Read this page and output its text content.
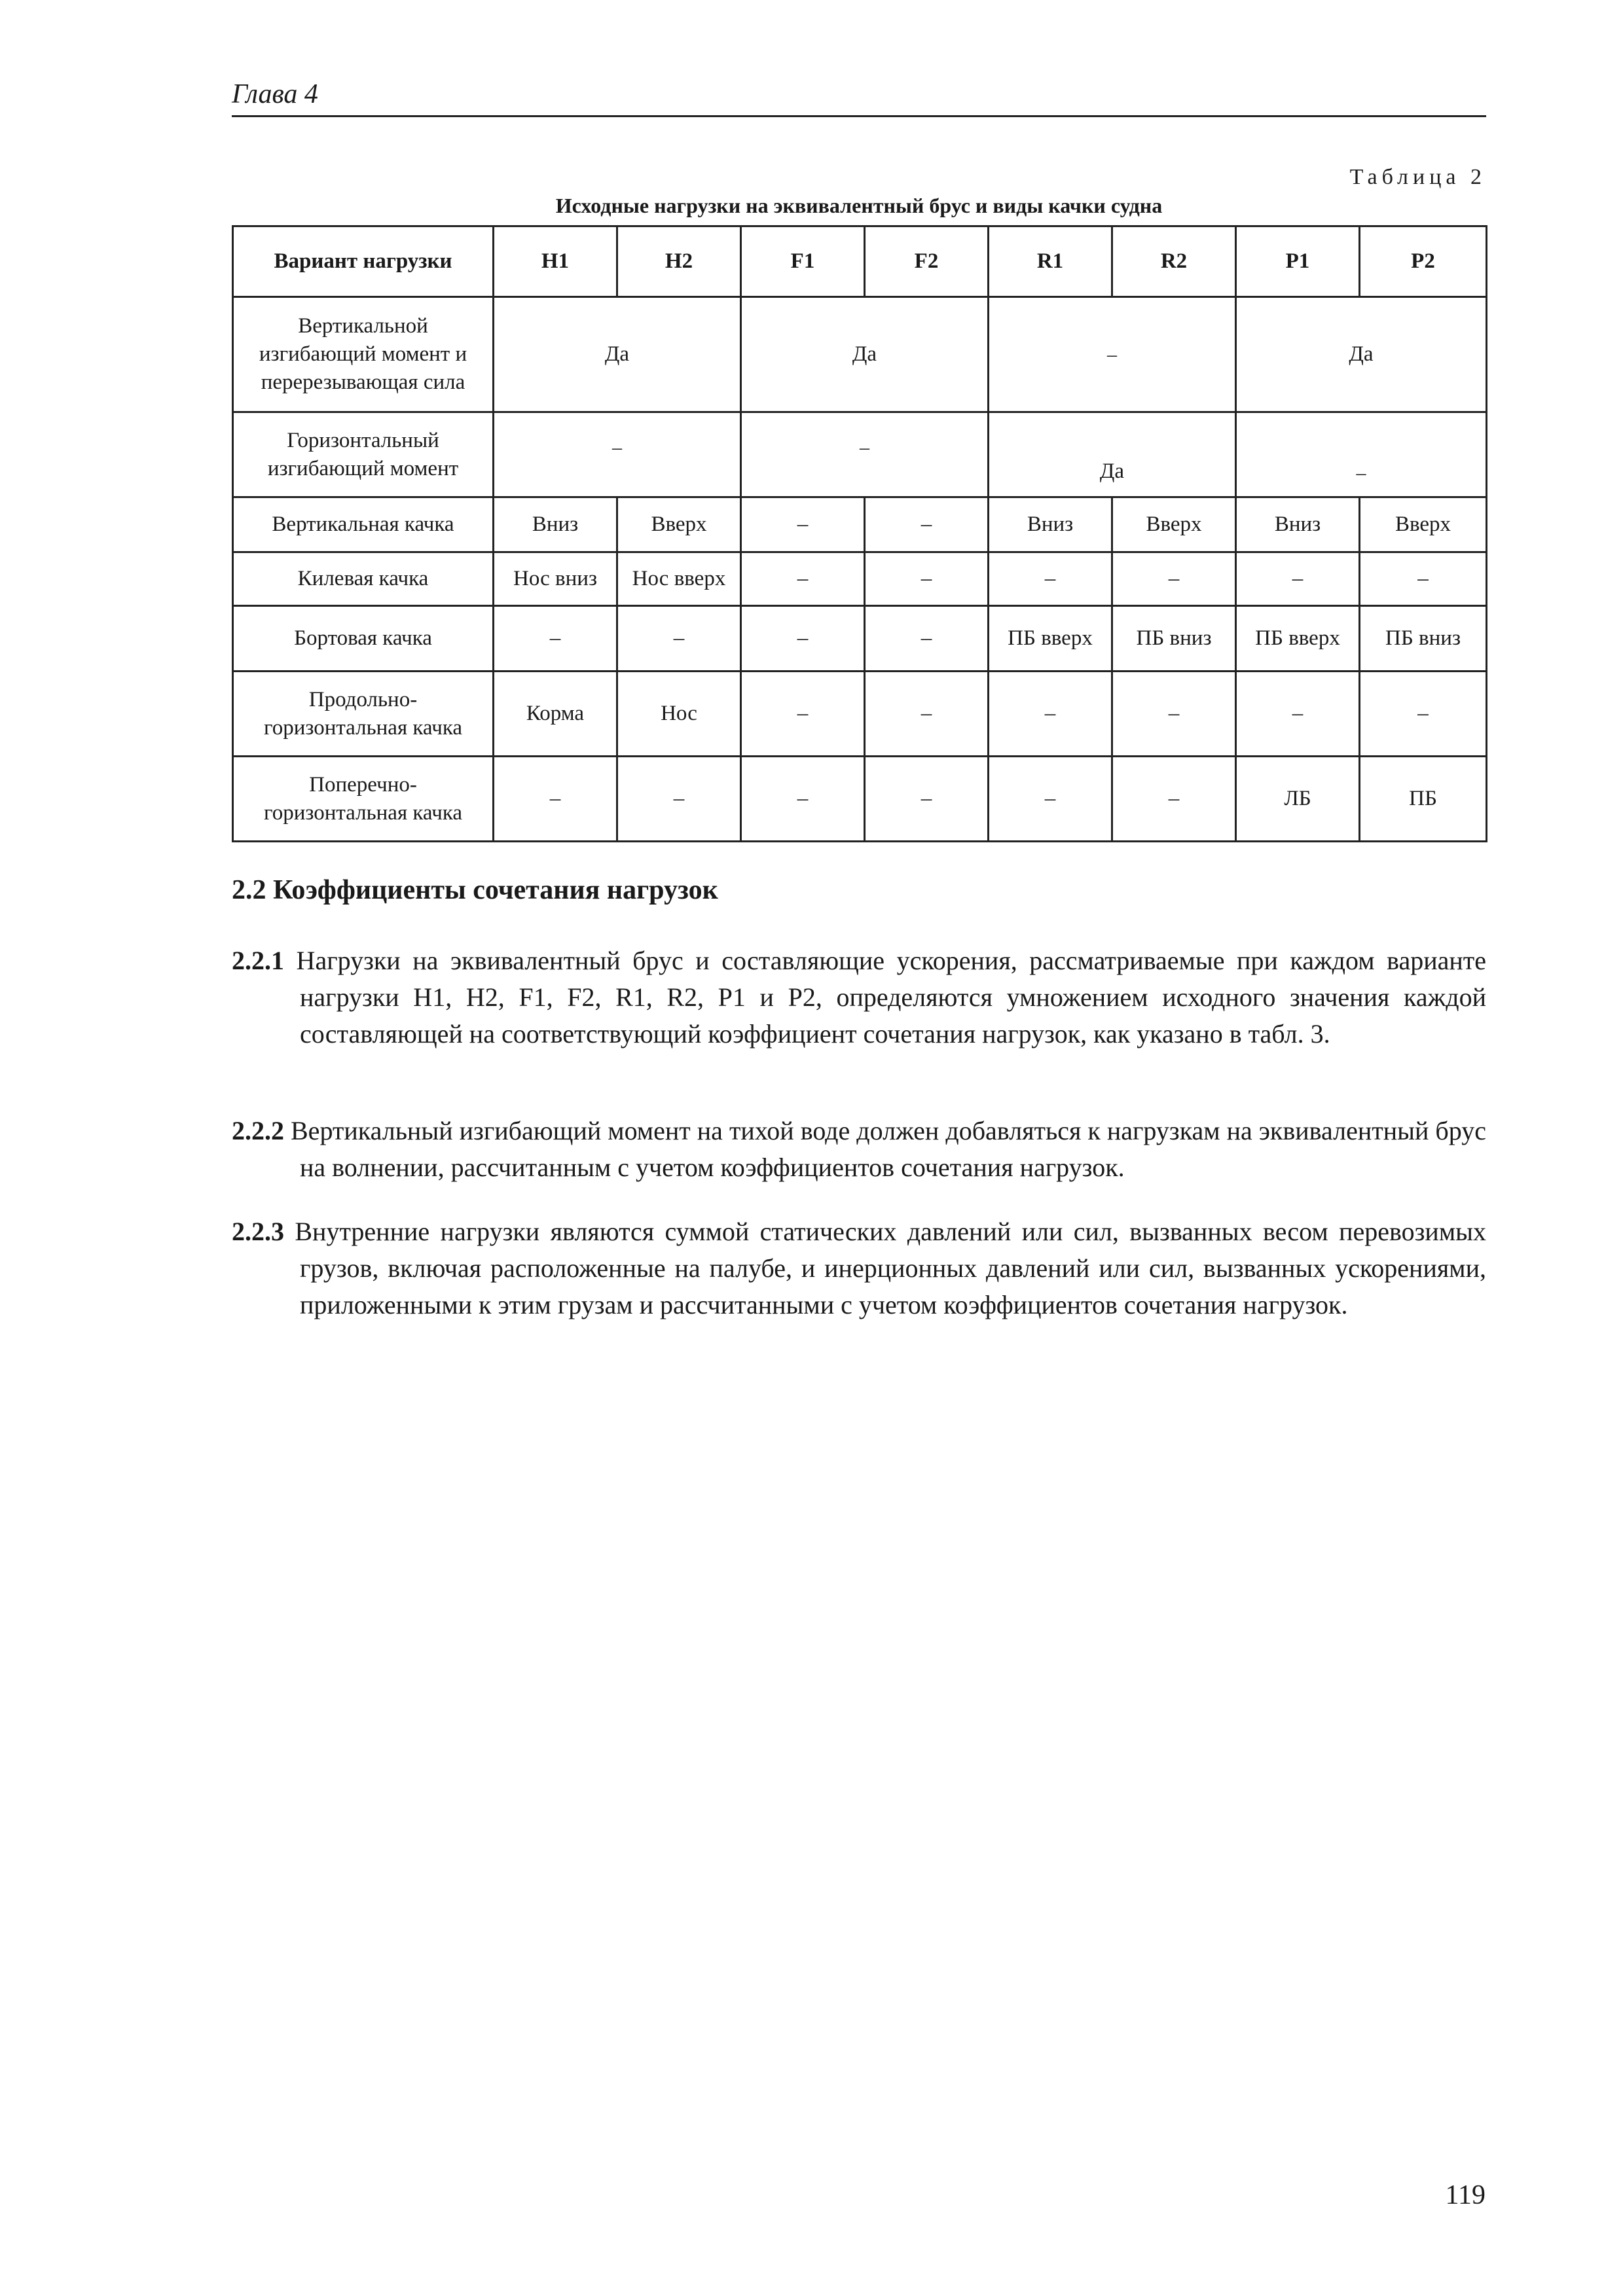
Глава 4
Таблица 2
Исходные нагрузки на эквивалентный брус и виды качки судна
Вариант нагрузки	H1	H2	F1	F2	R1	R2	P1	P2
Вертикальной изгибающий момент и перерезывающая сила	Да		Да		–		Да	
Горизонтальный изгибающий момент	–		–		Да		–	
Вертикальная качка	Вниз	Вверх	–	–	Вниз	Вверх	Вниз	Вверх
Килевая качка	Нос вниз	Нос вверх	–	–	–	–	–	–
Бортовая качка	–	–	–	–	ПБ вверх	ПБ вниз	ПБ вверх	ПБ вниз
Продольно-горизонтальная качка	Корма	Нос	–	–	–	–	–	–
Поперечно-горизонтальная качка	–	–	–	–	–	–	ЛБ	ПБ
2.2 Коэффициенты сочетания нагрузок
2.2.1 Нагрузки на эквивалентный брус и составляющие ускорения, рассматриваемые при каждом варианте нагрузки H1, H2, F1, F2, R1, R2, P1 и P2, определяются умножением исходного значения каждой составляющей на соответствующий коэффициент сочетания нагрузок, как указано в табл. 3.
2.2.2 Вертикальный изгибающий момент на тихой воде должен добавляться к нагрузкам на эквивалентный брус на волнении, рассчитанным с учетом коэффициентов сочетания нагрузок.
2.2.3 Внутренние нагрузки являются суммой статических давлений или сил, вызванных весом перевозимых грузов, включая расположенные на палубе, и инерционных давлений или сил, вызванных ускорениями, приложенными к этим грузам и рассчитанными с учетом коэффициентов сочетания нагрузок.
119
